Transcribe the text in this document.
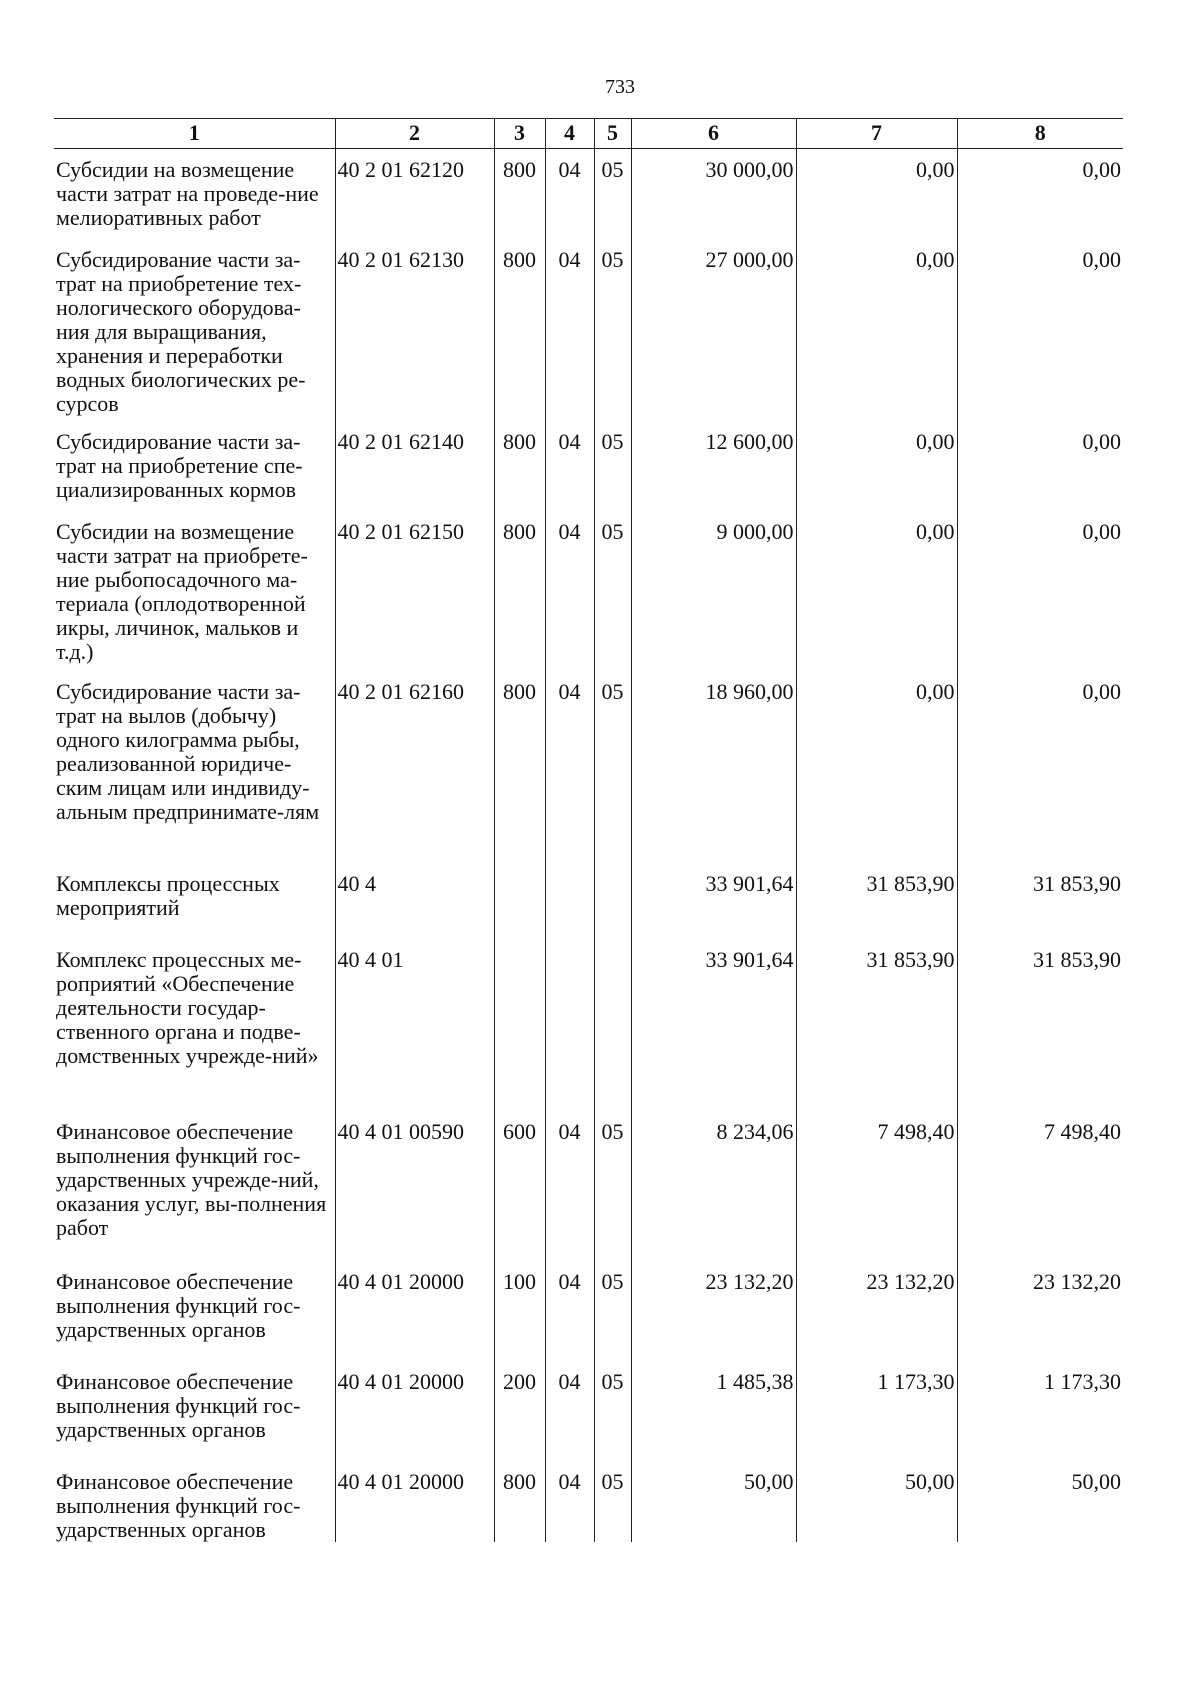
733
1	2	3	4	5	6	7	8
Субсидии на возмещение части затрат на проведе-ние мелиоративных работ	40 2 01 62120	800	04	05	30 000,00	0,00	0,00
Субсидирование части за-трат на приобретение тех-нологического оборудова-ния для выращивания, хранения и переработки водных биологических ре-сурсов	40 2 01 62130	800	04	05	27 000,00	0,00	0,00
Субсидирование части за-трат на приобретение спе-циализированных кормов	40 2 01 62140	800	04	05	12 600,00	0,00	0,00
Субсидии на возмещение части затрат на приобрете-ние рыбопосадочного ма-териала (оплодотворенной икры, личинок, мальков и т.д.)	40 2 01 62150	800	04	05	9 000,00	0,00	0,00
Субсидирование части за-трат на вылов (добычу) одного килограмма рыбы, реализованной юридиче-ским лицам или индивиду-альным предпринимате-лям	40 2 01 62160	800	04	05	18 960,00	0,00	0,00
Комплексы процессных мероприятий	40 4				33 901,64	31 853,90	31 853,90
Комплекс процессных ме-роприятий «Обеспечение деятельности государ-ственного органа и подве-домственных учрежде-ний»	40 4 01				33 901,64	31 853,90	31 853,90
Финансовое обеспечение выполнения функций гос-ударственных учрежде-ний, оказания услуг, вы-полнения работ	40 4 01 00590	600	04	05	8 234,06	7 498,40	7 498,40
Финансовое обеспечение выполнения функций гос-ударственных органов	40 4 01 20000	100	04	05	23 132,20	23 132,20	23 132,20
Финансовое обеспечение выполнения функций гос-ударственных органов	40 4 01 20000	200	04	05	1 485,38	1 173,30	1 173,30
Финансовое обеспечение выполнения функций гос-ударственных органов	40 4 01 20000	800	04	05	50,00	50,00	50,00
